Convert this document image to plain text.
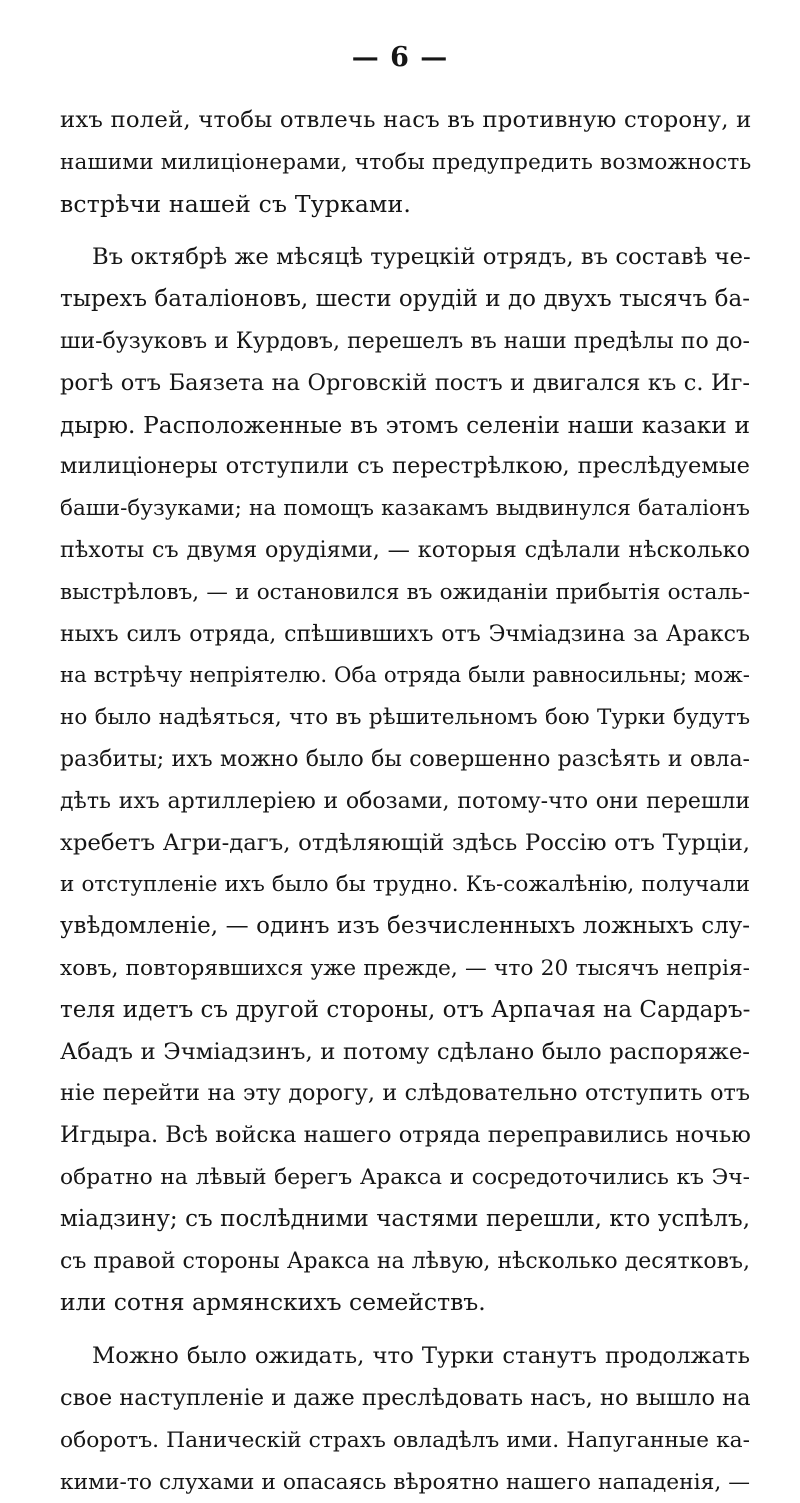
— 6 —
ихъ полей, чтобы отвлечь насъ въ противную сторону, и
нашими милиціонерами, чтобы предупредить возможность
встрѣчи нашей съ Турками.
Въ октябрѣ же мѣсяцѣ турецкій отрядъ, въ составѣ че-
тырехъ баталіоновъ, шести орудій и до двухъ тысячъ ба-
ши-бузуковъ и Курдовъ, перешелъ въ наши предѣлы по до-
рогѣ отъ Баязета на Орговскій постъ и двигался къ с. Иг-
дырю. Расположенные въ этомъ селеніи наши казаки и
милиціонеры отступили съ перестрѣлкою, преслѣдуемые
баши-бузуками; на помощъ казакамъ выдвинулся баталіонъ
пѣхоты съ двумя орудіями, — которыя сдѣлали нѣсколько
выстрѣловъ, — и остановился въ ожиданіи прибытія осталь-
ныхъ силъ отряда, спѣшившихъ отъ Эчміадзина за Араксъ
на встрѣчу непріятелю. Оба отряда были равносильны; мож-
но было надѣяться, что въ рѣшительномъ бою Турки будутъ
разбиты; ихъ можно было бы совершенно разсѣять и овла-
дѣть ихъ артиллеріею и обозами, потому-что они перешли
хребетъ Агри-дагъ, отдѣляющій здѣсь Россію отъ Турціи,
и отступленіе ихъ было бы трудно. Къ-сожалѣнію, получали
увѣдомленіе, — одинъ изъ безчисленныхъ ложныхъ слу-
ховъ, повторявшихся уже прежде, — что 20 тысячъ непрія-
теля идетъ съ другой стороны, отъ Арпачая на Сардаръ-
Абадъ и Эчміадзинъ, и потому сдѣлано было распоряже-
ніе перейти на эту дорогу, и слѣдовательно отступить отъ
Игдыра. Всѣ войска нашего отряда переправились ночью
обратно на лѣвый берегъ Аракса и сосредоточились къ Эч-
міадзину; съ послѣдними частями перешли, кто успѣлъ,
съ правой стороны Аракса на лѣвую, нѣсколько десятковъ,
или сотня армянскихъ семействъ.
Можно было ожидать, что Турки станутъ продолжать
свое наступленіе и даже преслѣдовать насъ, но вышло на
оборотъ. Паническій страхъ овладѣлъ ими. Напуганные ка-
кими-то слухами и опасаясь вѣроятно нашего нападенія, —
